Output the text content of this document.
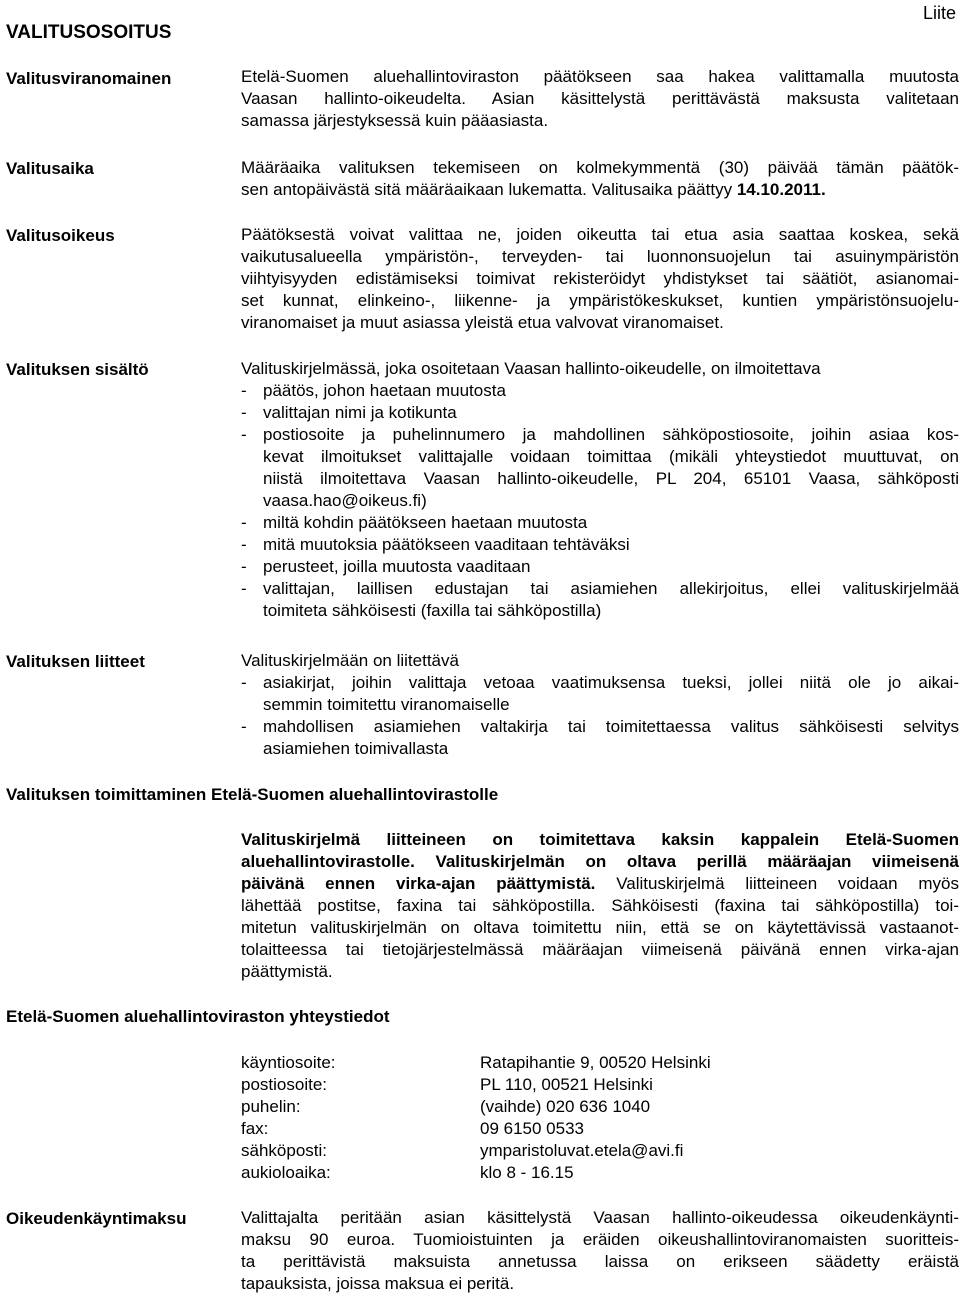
Liite
VALITUSOSOITUS
Valitusviranomainen	Etelä-Suomen aluehallintoviraston päätökseen saa hakea valittamalla muutosta
Vaasan hallinto-oikeudelta. Asian käsittelystä perittävästä maksusta valitetaan
samassa järjestyksessä kuin pääasiasta.
Valitusaika	Määräaika valituksen tekemiseen on kolmekymmentä (30) päivää tämän päätök-
sen antopäivästä sitä määräaikaan lukematta. Valitusaika päättyy 14.10.2011.
Valitusoikeus	Päätöksestä voivat valittaa ne, joiden oikeutta tai etua asia saattaa koskea, sekä
vaikutusalueella ympäristön-, terveyden- tai luonnonsuojelun tai asuinympäristön
viihtyisyyden edistämiseksi toimivat rekisteröidyt yhdistykset tai säätiöt, asianomai-
set kunnat, elinkeino-, liikenne- ja ympäristökeskukset, kuntien ympäristönsuojelu-
viranomaiset ja muut asiassa yleistä etua valvovat viranomaiset.
Valituksen sisältö	Valituskirjelmässä, joka osoitetaan Vaasan hallinto-oikeudelle, on ilmoitettava
- päätös, johon haetaan muutosta
- valittajan nimi ja kotikunta
- postiosoite ja puhelinnumero ja mahdollinen sähköpostiosoite, joihin asiaa kos-
kevat ilmoitukset valittajalle voidaan toimittaa (mikäli yhteystiedot muuttuvat, on
niistä ilmoitettava Vaasan hallinto-oikeudelle, PL 204, 65101 Vaasa, sähköposti
vaasa.hao@oikeus.fi)
- miltä kohdin päätökseen haetaan muutosta
- mitä muutoksia päätökseen vaaditaan tehtäväksi
- perusteet, joilla muutosta vaaditaan
- valittajan, laillisen edustajan tai asiamiehen allekirjoitus, ellei valituskirjelmää
toimiteta sähköisesti (faxilla tai sähköpostilla)
Valituksen liitteet	Valituskirjelmään on liitettävä
- asiakirjat, joihin valittaja vetoaa vaatimuksensa tueksi, jollei niitä ole jo aikai-
semmin toimitettu viranomaiselle
- mahdollisen asiamiehen valtakirja tai toimitettaessa valitus sähköisesti selvitys
asiamiehen toimivallasta
Valituksen toimittaminen Etelä-Suomen aluehallintovirastolle
Valituskirjelmä liitteineen on toimitettava kaksin kappalein Etelä-Suomen
aluehallintovirastolle. Valituskirjelmän on oltava perillä määräajan viimeisenä
päivänä ennen virka-ajan päättymistä. Valituskirjelmä liitteineen voidaan myös
lähettää postitse, faxina tai sähköpostilla. Sähköisesti (faxina tai sähköpostilla) toi-
mitetun valituskirjelmän on oltava toimitettu niin, että se on käytettävissä vastaanot-
tolaitteessa tai tietojärjestelmässä määräajan viimeisenä päivänä ennen virka-ajan
päättymistä.
Etelä-Suomen aluehallintoviraston yhteystiedot
käyntiosoite:	Ratapihantie 9, 00520 Helsinki
postiosoite:	PL 110, 00521 Helsinki
puhelin:	(vaihde) 020 636 1040
fax:	09 6150 0533
sähköposti:	ymparistoluvat.etela@avi.fi
aukioloaika:	klo 8 - 16.15
Oikeudenkäyntimaksu	Valittajalta peritään asian käsittelystä Vaasan hallinto-oikeudessa oikeudenkäynti-
maksu 90 euroa. Tuomioistuinten ja eräiden oikeushallintoviranomaisten suoritteis-
ta perittävistä maksuista annetussa laissa on erikseen säädetty eräistä
tapauksista, joissa maksua ei peritä.
